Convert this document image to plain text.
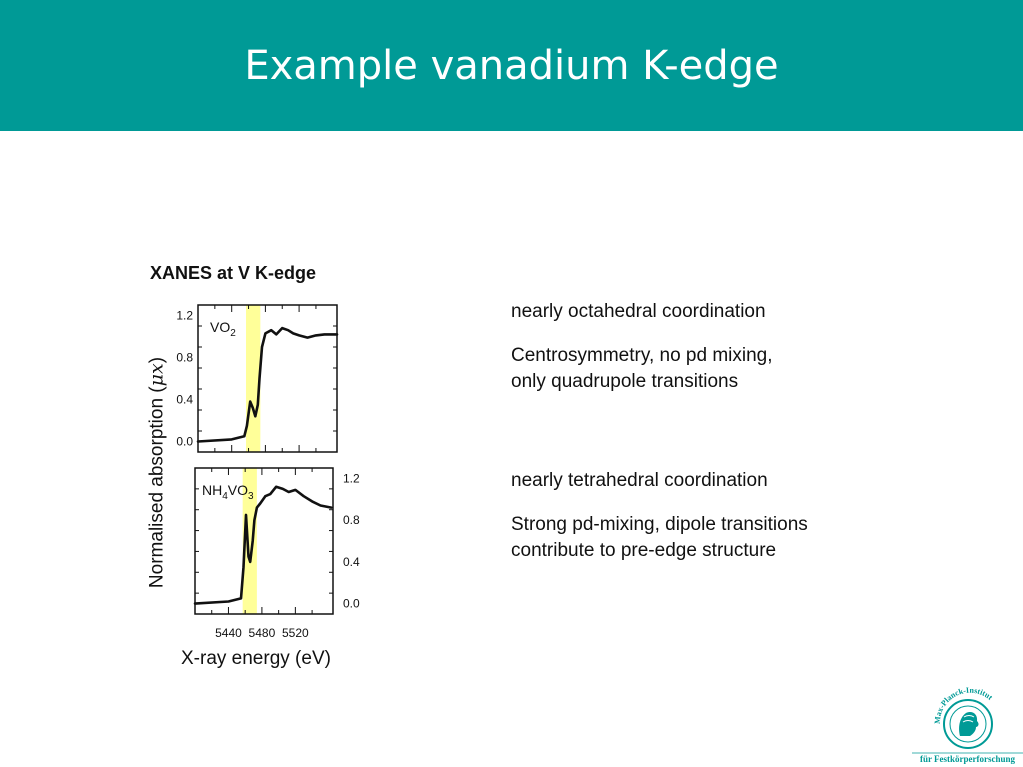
Example vanadium K-edge
XANES at V K-edge
0.0
0.4
0.8
1.2
$VO_2$
0.0
0.4
0.8
1.2
5440 5480 5520
$NH_4VO_3$
Normalised absorption (μx)
X-ray energy (eV)
nearly octahedral coordination
Centrosymmetry, no pd mixing,
only quadrupole transitions
nearly tetrahedral coordination
Strong pd-mixing, dipole transitions
contribute to pre-edge structure
Max-Planck-Institut
für Festkörperforschung
